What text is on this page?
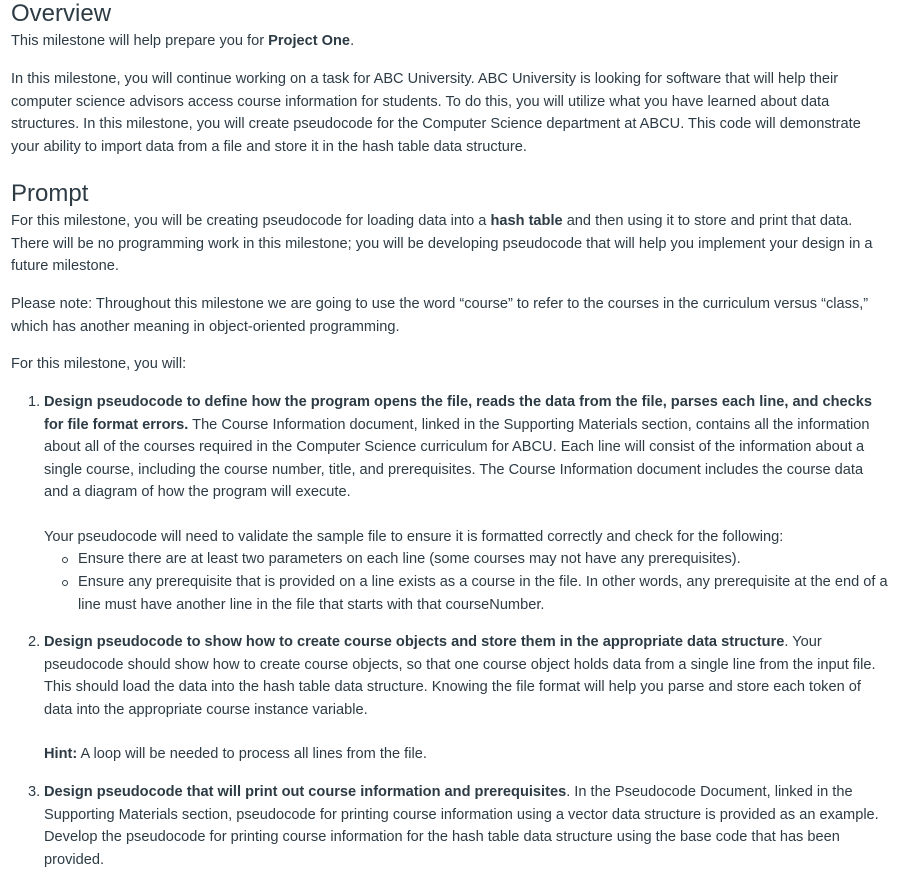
Overview

This milestone will help prepare you for Project One.

In this milestone, you will continue working on a task for ABC University. ABC University is looking for software that will help their computer science advisors access course information for students. To do this, you will utilize what you have learned about data structures. In this milestone, you will create pseudocode for the Computer Science department at ABCU. This code will demonstrate your ability to import data from a file and store it in the hash table data structure.

Prompt

For this milestone, you will be creating pseudocode for loading data into a hash table and then using it to store and print that data. There will be no programming work in this milestone; you will be developing pseudocode that will help you implement your design in a future milestone.

Please note: Throughout this milestone we are going to use the word “course” to refer to the courses in the curriculum versus “class,” which has another meaning in object-oriented programming.

For this milestone, you will:

1. Design pseudocode to define how the program opens the file, reads the data from the file, parses each line, and checks for file format errors. The Course Information document, linked in the Supporting Materials section, contains all the information about all of the courses required in the Computer Science curriculum for ABCU. Each line will consist of the information about a single course, including the course number, title, and prerequisites. The Course Information document includes the course data and a diagram of how the program will execute.

Your pseudocode will need to validate the sample file to ensure it is formatted correctly and check for the following:

Ensure there are at least two parameters on each line (some courses may not have any prerequisites).
Ensure any prerequisite that is provided on a line exists as a course in the file. In other words, any prerequisite at the end of a line must have another line in the file that starts with that courseNumber.
2. Design pseudocode to show how to create course objects and store them in the appropriate data structure. Your pseudocode should show how to create course objects, so that one course object holds data from a single line from the input file. This should load the data into the hash table data structure. Knowing the file format will help you parse and store each token of data into the appropriate course instance variable.

Hint: A loop will be needed to process all lines from the file.

3. Design pseudocode that will print out course information and prerequisites. In the Pseudocode Document, linked in the Supporting Materials section, pseudocode for printing course information using a vector data structure is provided as an example. Develop the pseudocode for printing course information for the hash table data structure using the base code that has been provided.
